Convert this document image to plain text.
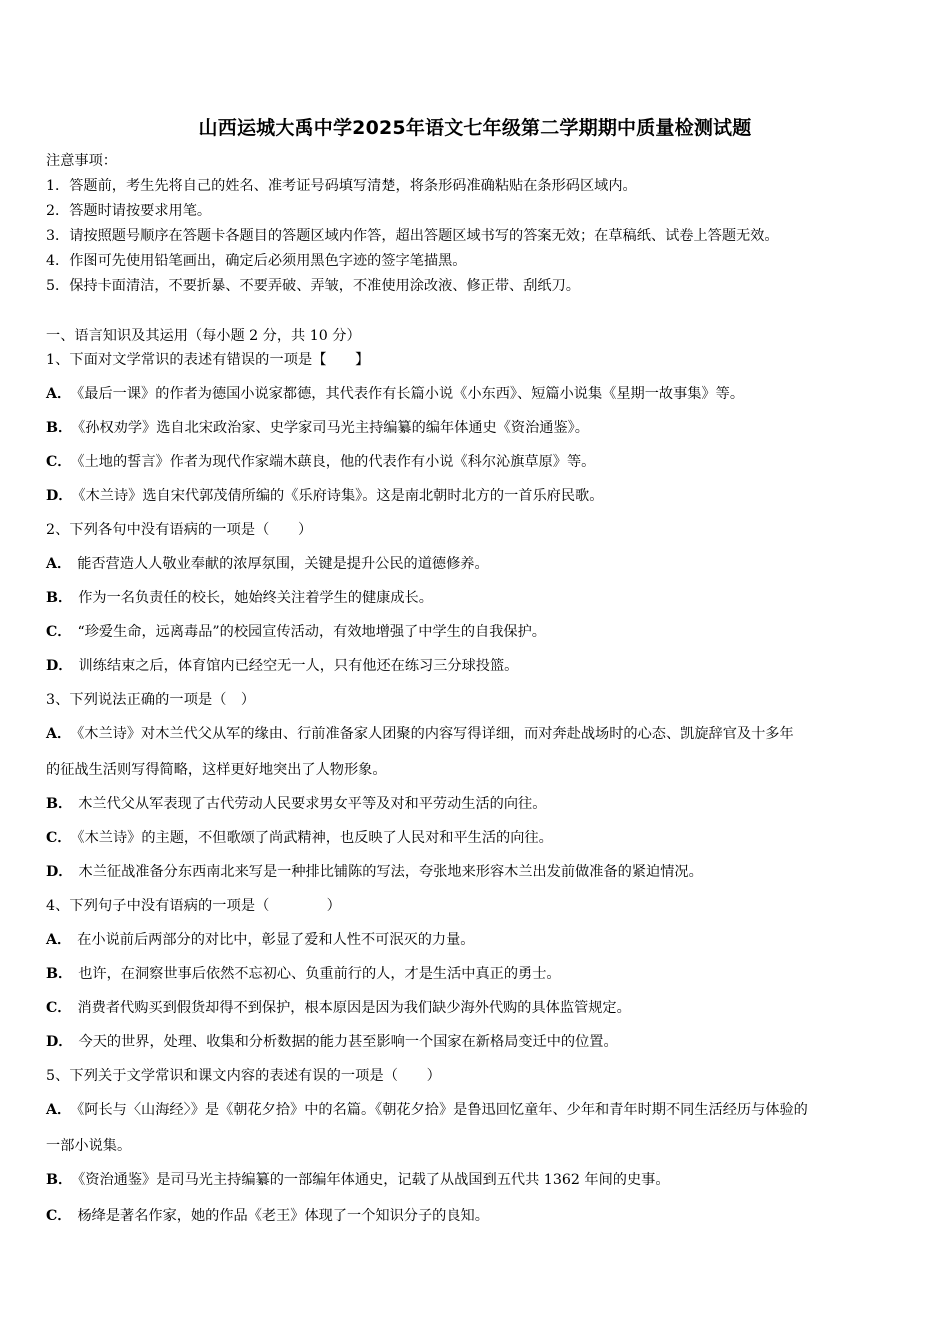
山西运城大禹中学2025年语文七年级第二学期期中质量检测试题
注意事项：
1．答题前，考生先将自己的姓名、准考证号码填写清楚，将条形码准确粘贴在条形码区域内。
2．答题时请按要求用笔。
3．请按照题号顺序在答题卡各题目的答题区域内作答，超出答题区域书写的答案无效；在草稿纸、试卷上答题无效。
4．作图可先使用铅笔画出，确定后必须用黑色字迹的签字笔描黑。
5．保持卡面清洁，不要折暴、不要弄破、弄皱，不准使用涂改液、修正带、刮纸刀。
一、语言知识及其运用（每小题 2 分，共 10 分）
1、下面对文学常识的表述有错误的一项是【　　】
A． 《最后一课》的作者为德国小说家都德，其代表作有长篇小说《小东西》、短篇小说集《星期一故事集》等。
B． 《孙权劝学》选自北宋政治家、史学家司马光主持编纂的编年体通史《资治通鉴》。
C． 《土地的誓言》作者为现代作家端木蕻良，他的代表作有小说《科尔沁旗草原》等。
D． 《木兰诗》选自宋代郭茂倩所编的《乐府诗集》。这是南北朝时北方的一首乐府民歌。
2、下列各句中没有语病的一项是（　　）
A． 能否营造人人敬业奉献的浓厚氛围，关键是提升公民的道德修养。
B． 作为一名负责任的校长，她始终关注着学生的健康成长。
C． “珍爱生命，远离毒品”的校园宣传活动，有效地增强了中学生的自我保护。
D． 训练结束之后，体育馆内已经空无一人，只有他还在练习三分球投篮。
3、下列说法正确的一项是（　）
A． 《木兰诗》对木兰代父从军的缘由、行前准备家人团聚的内容写得详细，而对奔赴战场时的心态、凯旋辞官及十多年
的征战生活则写得简略，这样更好地突出了人物形象。
B． 木兰代父从军表现了古代劳动人民要求男女平等及对和平劳动生活的向往。
C． 《木兰诗》的主题，不但歌颂了尚武精神，也反映了人民对和平生活的向往。
D． 木兰征战准备分东西南北来写是一种排比铺陈的写法，夸张地来形容木兰出发前做准备的紧迫情况。
4、下列句子中没有语病的一项是（　　　　）
A． 在小说前后两部分的对比中，彰显了爱和人性不可泯灭的力量。
B． 也许，在洞察世事后依然不忘初心、负重前行的人，才是生活中真正的勇士。
C． 消费者代购买到假货却得不到保护，根本原因是因为我们缺少海外代购的具体监管规定。
D． 今天的世界，处理、收集和分析数据的能力甚至影响一个国家在新格局变迁中的位置。
5、下列关于文学常识和课文内容的表述有误的一项是（　　）
A． 《阿长与〈山海经〉》是《朝花夕拾》中的名篇。《朝花夕拾》是鲁迅回忆童年、少年和青年时期不同生活经历与体验的
一部小说集。
B． 《资治通鉴》是司马光主持编纂的一部编年体通史，记载了从战国到五代共 1362 年间的史事。
C． 杨绛是著名作家，她的作品《老王》体现了一个知识分子的良知。
